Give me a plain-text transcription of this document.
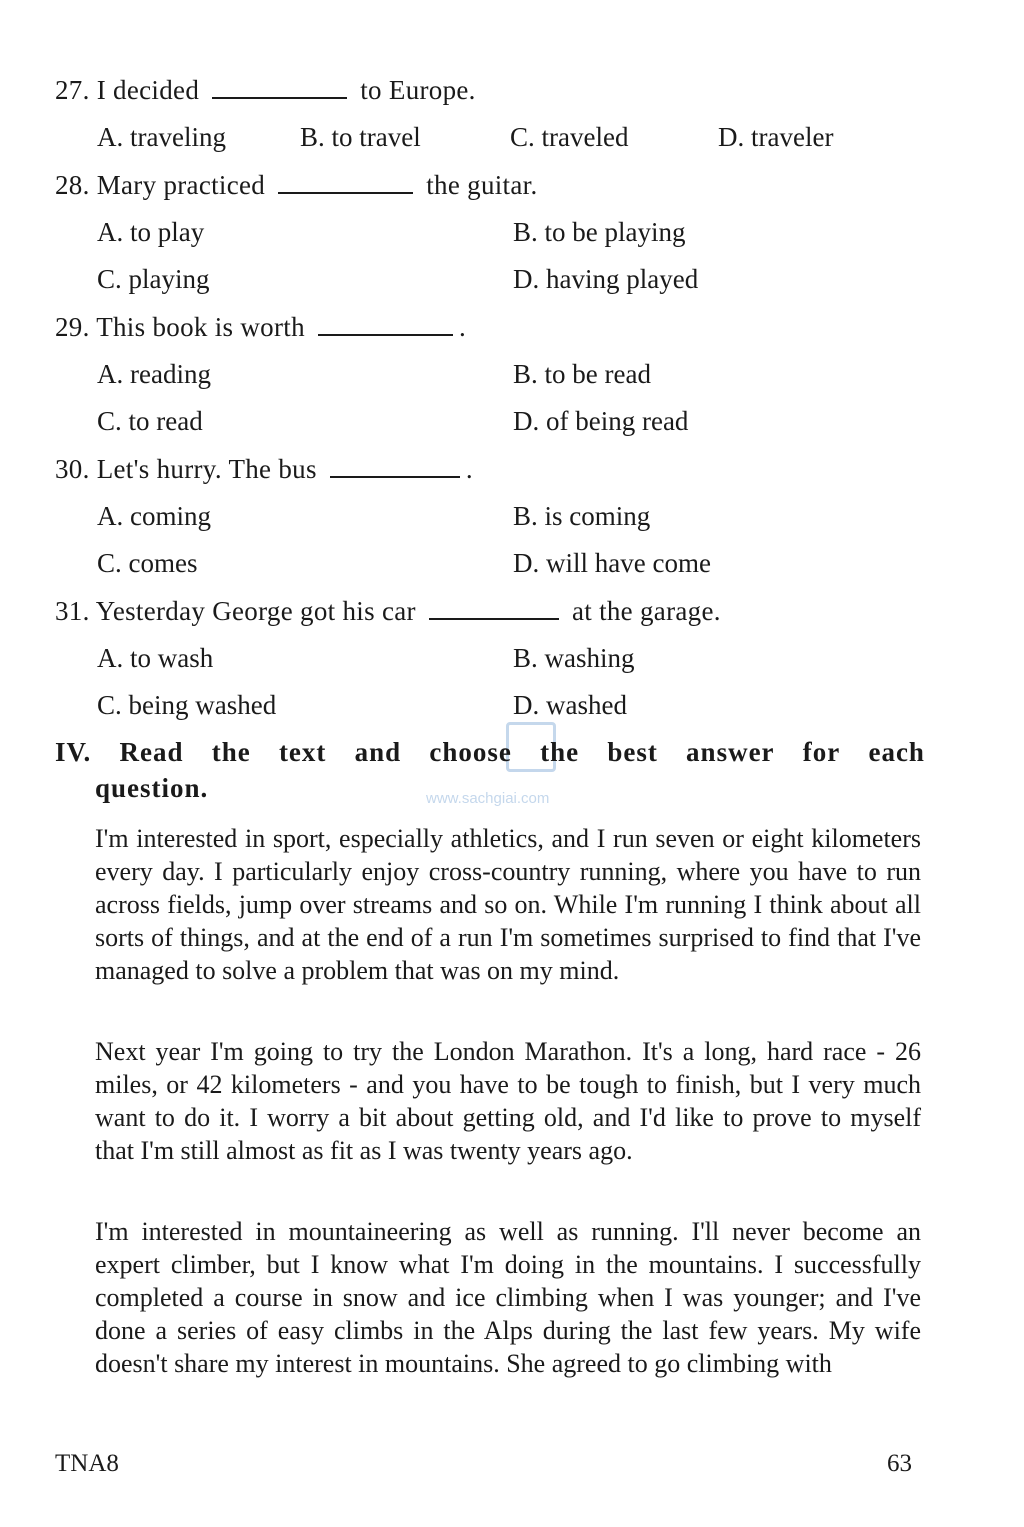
27. I decided	to Europe.
A. traveling	B. to travel	C. traveled	D. traveler
28. Mary practiced	the guitar.
A. to play	B. to be playing
C. playing	D. having played
29. This book is worth	.
A. reading	B. to be read
C. to read	D. of being read
30. Let's hurry. The bus	.
A. coming	B. is coming
C. comes	D. will have come
31. Yesterday George got his car	at the garage.
A. to wash	B. washing
C. being washed	D. washed
www.sachgiai.com
IV. Read the text and choose the best answer for each
question.

I'm interested in sport, especially athletics, and I run seven or eight kilometers every day. I particularly enjoy cross-country running, where you have to run across fields, jump over streams and so on. While I'm running I think about all sorts of things, and at the end of a run I'm sometimes surprised to find that I've managed to solve a problem that was on my mind.

Next year I'm going to try the London Marathon. It's a long, hard race - 26 miles, or 42 kilometers - and you have to be tough to finish, but I very much want to do it. I worry a bit about getting old, and I'd like to prove to myself that I'm still almost as fit as I was twenty years ago.

I'm interested in mountaineering as well as running. I'll never become an expert climber, but I know what I'm doing in the mountains. I successfully completed a course in snow and ice climbing when I was younger; and I've done a series of easy climbs in the Alps during the last few years. My wife doesn't share my interest in mountains. She agreed to go climbing with

TNA8	63
